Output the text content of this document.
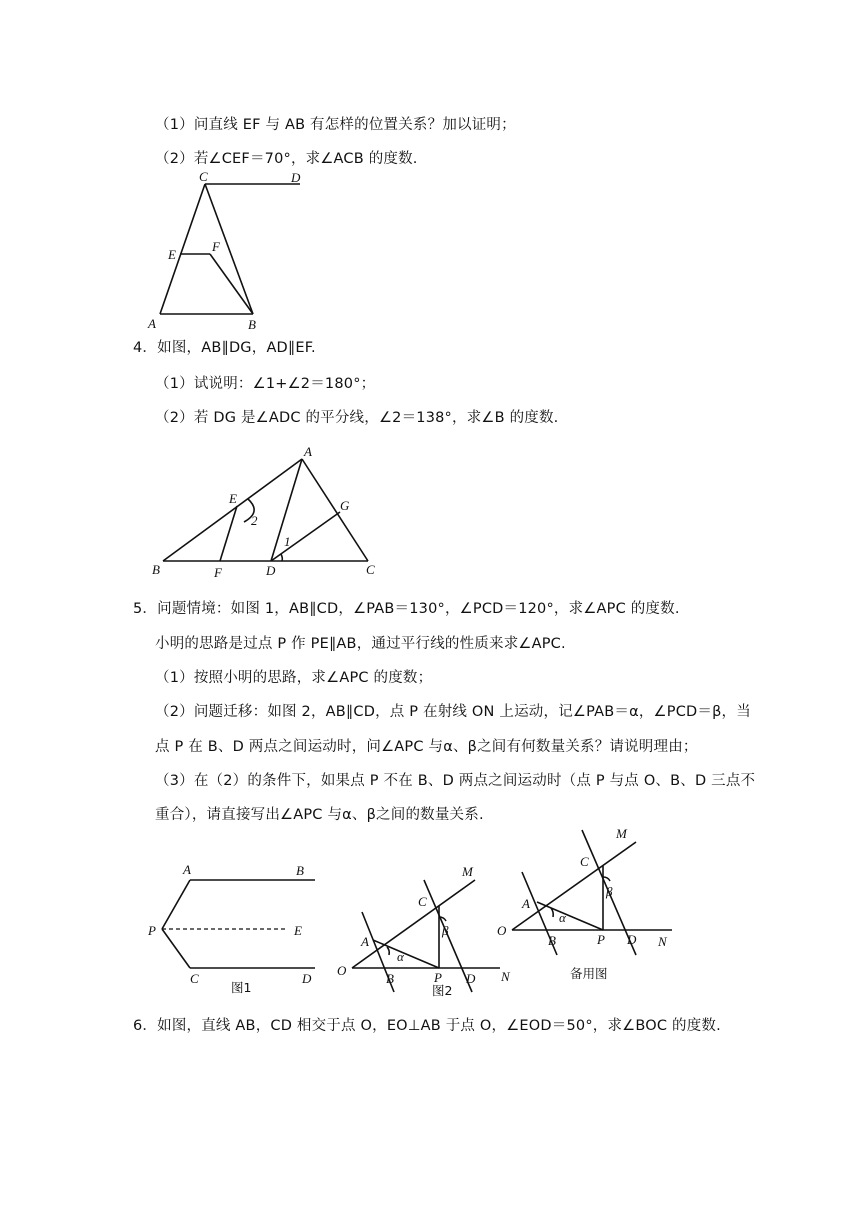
（1）问直线 EF 与 AB 有怎样的位置关系？加以证明；
（2）若∠CEF＝70°，求∠ACB 的度数.
C	D
E
F
A	B
4．如图，AB∥DG，AD∥EF.
（1）试说明：∠1+∠2＝180°；
（2）若 DG 是∠ADC 的平分线，∠2＝138°，求∠B 的度数.
A
E	G
2
1
B	F	D	C
5．问题情境：如图 1，AB∥CD，∠PAB＝130°，∠PCD＝120°，求∠APC 的度数.
小明的思路是过点 P 作 PE∥AB，通过平行线的性质来求∠APC.
（1）按照小明的思路，求∠APC 的度数；
（2）问题迁移：如图 2，AB∥CD，点 P 在射线 ON 上运动，记∠PAB＝α，∠PCD＝β，当
点 P 在 B、D 两点之间运动时，问∠APC 与α、β之间有何数量关系？请说明理由；
（3）在（2）的条件下，如果点 P 不在 B、D 两点之间运动时（点 P 与点 O、B、D 三点不
重合），请直接写出∠APC 与α、β之间的数量关系.
A	B
P	E
C	D
图1
M
C
β
A
α
O
B	P D N
图2
M
C
β
A
α
O
B	P D N
备用图
6．如图，直线 AB，CD 相交于点 O，EO⊥AB 于点 O，∠EOD＝50°，求∠BOC 的度数.
